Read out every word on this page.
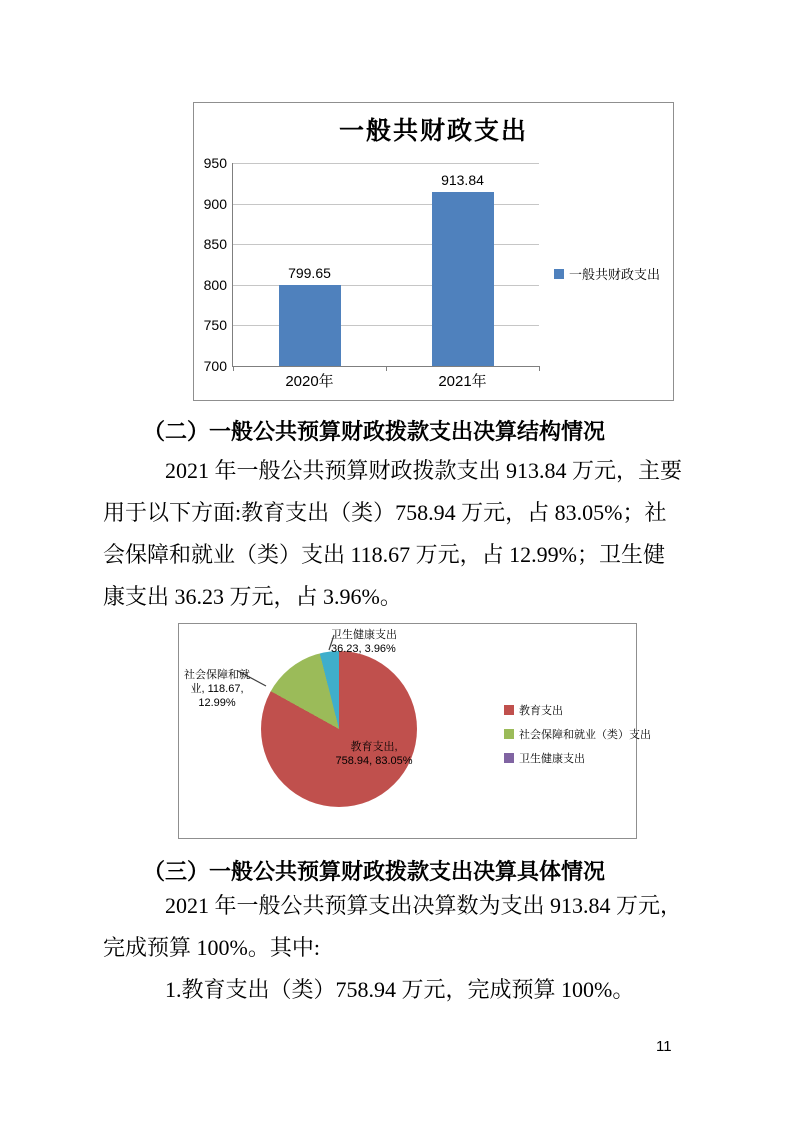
一般共财政支出
700
750
800
850
900
950
799.65
2020年
913.84
2021年
一般共财政支出
（二）一般公共预算财政拨款支出决算结构情况
2021 年一般公共预算财政拨款支出 913.84 万元，主要
用于以下方面:教育支出（类）758.94 万元，占 83.05%；社
会保障和就业（类）支出 118.67 万元，占 12.99%；卫生健
康支出 36.23 万元，占 3.96%。
卫生健康支出
36.23, 3.96%
社会保障和就
业, 118.67,
12.99%
教育支出,
758.94, 83.05%
教育支出
社会保障和就业（类）支出
卫生健康支出
（三）一般公共预算财政拨款支出决算具体情况
2021 年一般公共预算支出决算数为支出 913.84 万元，
完成预算 100%。其中:
1.教育支出（类）758.94 万元，完成预算 100%。
11
